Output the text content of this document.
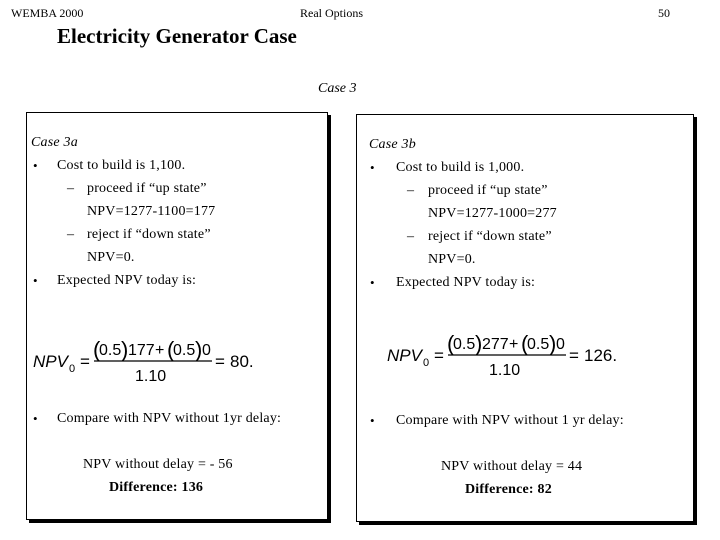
WEMBA 2000	Real Options	50
Electricity Generator Case
Case 3
Case 3a
• Cost to build is 1,100.
– proceed if “up state”
NPV=1277-1100=177
– reject if “down state”
NPV=0.
• Expected NPV today is:
NPV 0 = (
0.5 ) 177 + (
0.5 ) 0
1.10
= 80.
• Compare with NPV without 1yr delay:
NPV without delay = - 56
Difference: 136
Case 3b
• Cost to build is 1,000.
– proceed if “up state”
NPV=1277-1000=277
– reject if “down state”
NPV=0.
• Expected NPV today is:
NPV 0 = (
0.5 ) 277 + (
0.5 ) 0
1.10
= 126.
• Compare with NPV without 1 yr delay:
NPV without delay = 44
Difference: 82
